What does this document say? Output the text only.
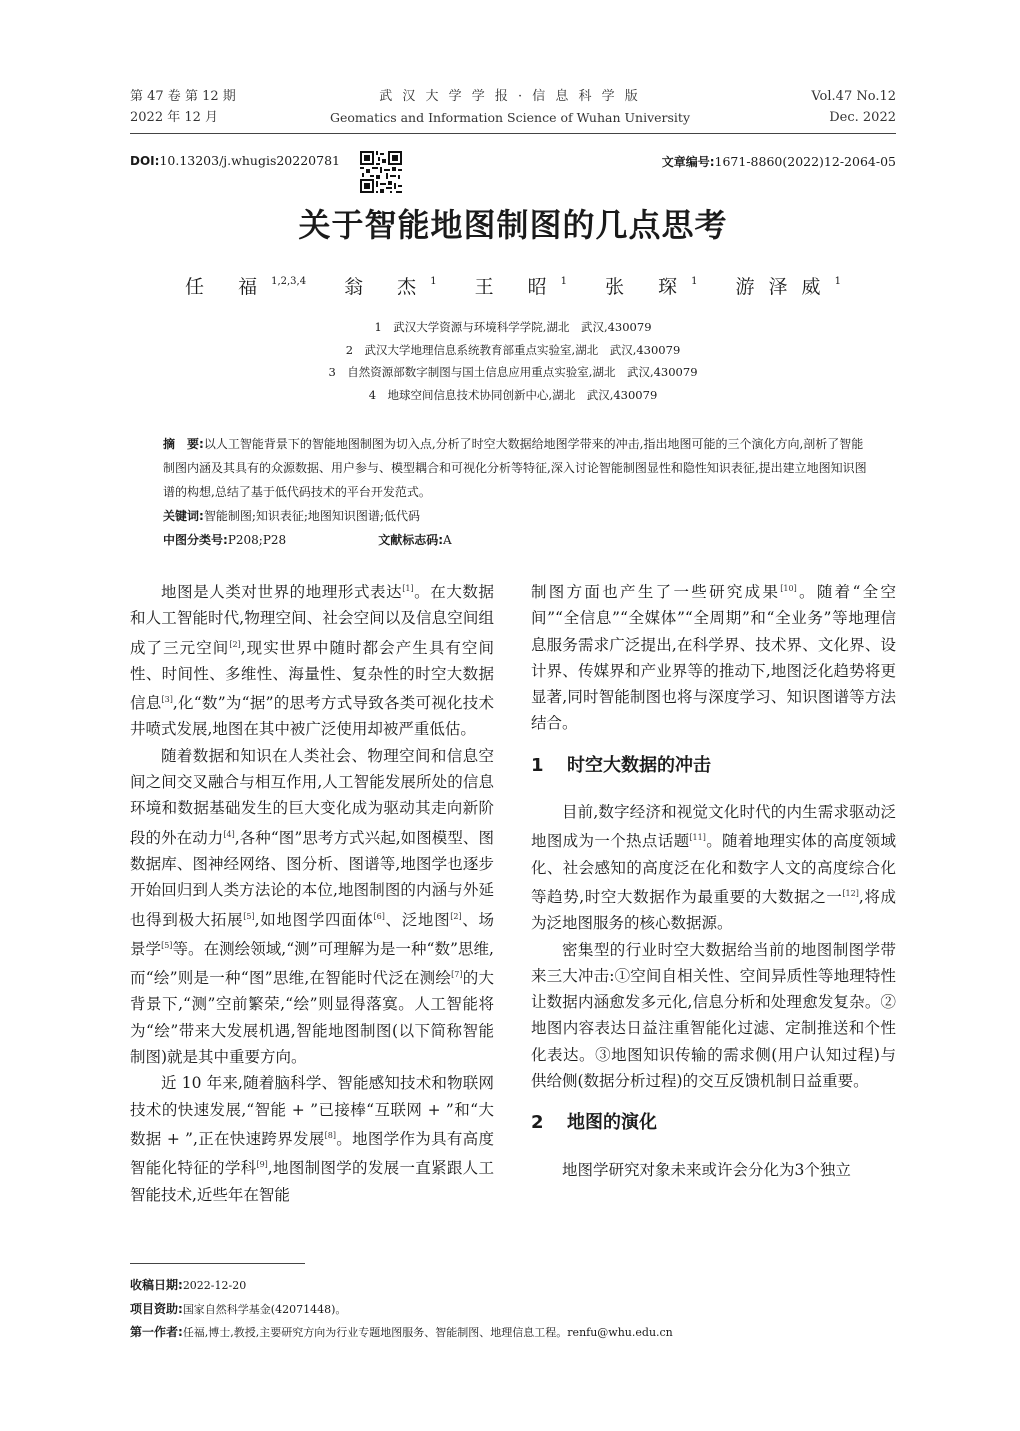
第 47 卷 第 12 期
2022 年 12 月
武 汉 大 学 学 报 · 信 息 科 学 版
Geomatics and Information Science of Wuhan University
Vol.47 No.12
Dec. 2022
DOI:10.13203/j.whugis20220781	文章编号:1671-8860(2022)12-2064-05
关于智能地图制图的几点思考
任 福$^{1,2,3,4}$ 翁 杰$^1$ 王 昭$^1$ 张 琛$^1$ 游泽威$^1$
1　武汉大学资源与环境科学学院,湖北　武汉,430079
2　武汉大学地理信息系统教育部重点实验室,湖北　武汉,430079
3　自然资源部数字制图与国土信息应用重点实验室,湖北　武汉,430079
4　地球空间信息技术协同创新中心,湖北　武汉,430079
摘　要:以人工智能背景下的智能地图制图为切入点,分析了时空大数据给地图学带来的冲击,指出地图可能的三个演化方向,剖析了智能制图内涵及其具有的众源数据、用户参与、模型耦合和可视化分析等特征,深入讨论智能制图显性和隐性知识表征,提出建立地图知识图谱的构想,总结了基于低代码技术的平台开发范式。
关键词:智能制图;知识表征;地图知识图谱;低代码
中图分类号:P208;P28	文献标志码:A

地图是人类对世界的地理形式表达[1]。在大数据和人工智能时代,物理空间、社会空间以及信息空间组成了三元空间[2],现实世界中随时都会产生具有空间性、时间性、多维性、海量性、复杂性的时空大数据信息[3],化“数”为“据”的思考方式导致各类可视化技术井喷式发展,地图在其中被广泛使用却被严重低估。

随着数据和知识在人类社会、物理空间和信息空间之间交叉融合与相互作用,人工智能发展所处的信息环境和数据基础发生的巨大变化成为驱动其走向新阶段的外在动力[4],各种“图”思考方式兴起,如图模型、图数据库、图神经网络、图分析、图谱等,地图学也逐步开始回归到人类方法论的本位,地图制图的内涵与外延也得到极大拓展[5],如地图学四面体[6]、泛地图[2]、场景学[5]等。在测绘领域,“测”可理解为是一种“数”思维,而“绘”则是一种“图”思维,在智能时代泛在测绘[7]的大背景下,“测”空前繁荣,“绘”则显得落寞。人工智能将为“绘”带来大发展机遇,智能地图制图(以下简称智能制图)就是其中重要方向。

近 10 年来,随着脑科学、智能感知技术和物联网技术的快速发展,“智能 + ”已接棒“互联网 + ”和“大数据 + ”,正在快速跨界发展[8]。地图学作为具有高度智能化特征的学科[9],地图制图学的发展一直紧跟人工智能技术,近些年在智能

制图方面也产生了一些研究成果[10]。随着“全空间”“全信息”“全媒体”“全周期”和“全业务”等地理信息服务需求广泛提出,在科学界、技术界、文化界、设计界、传媒界和产业界等的推动下,地图泛化趋势将更显著,同时智能制图也将与深度学习、知识图谱等方法结合。

1 时空大数据的冲击

目前,数字经济和视觉文化时代的内生需求驱动泛地图成为一个热点话题[11]。随着地理实体的高度领域化、社会感知的高度泛在化和数字人文的高度综合化等趋势,时空大数据作为最重要的大数据之一[12],将成为泛地图服务的核心数据源。

密集型的行业时空大数据给当前的地图制图学带来三大冲击:①空间自相关性、空间异质性等地理特性让数据内涵愈发多元化,信息分析和处理愈发复杂。②地图内容表达日益注重智能化过滤、定制推送和个性化表达。③地图知识传输的需求侧(用户认知过程)与供给侧(数据分析过程)的交互反馈机制日益重要。

2 地图的演化

地图学研究对象未来或许会分化为3个独立

收稿日期:2022-12-20
项目资助:国家自然科学基金(42071448)。
第一作者:任福,博士,教授,主要研究方向为行业专题地图服务、智能制图、地理信息工程。renfu@whu.edu.cn
